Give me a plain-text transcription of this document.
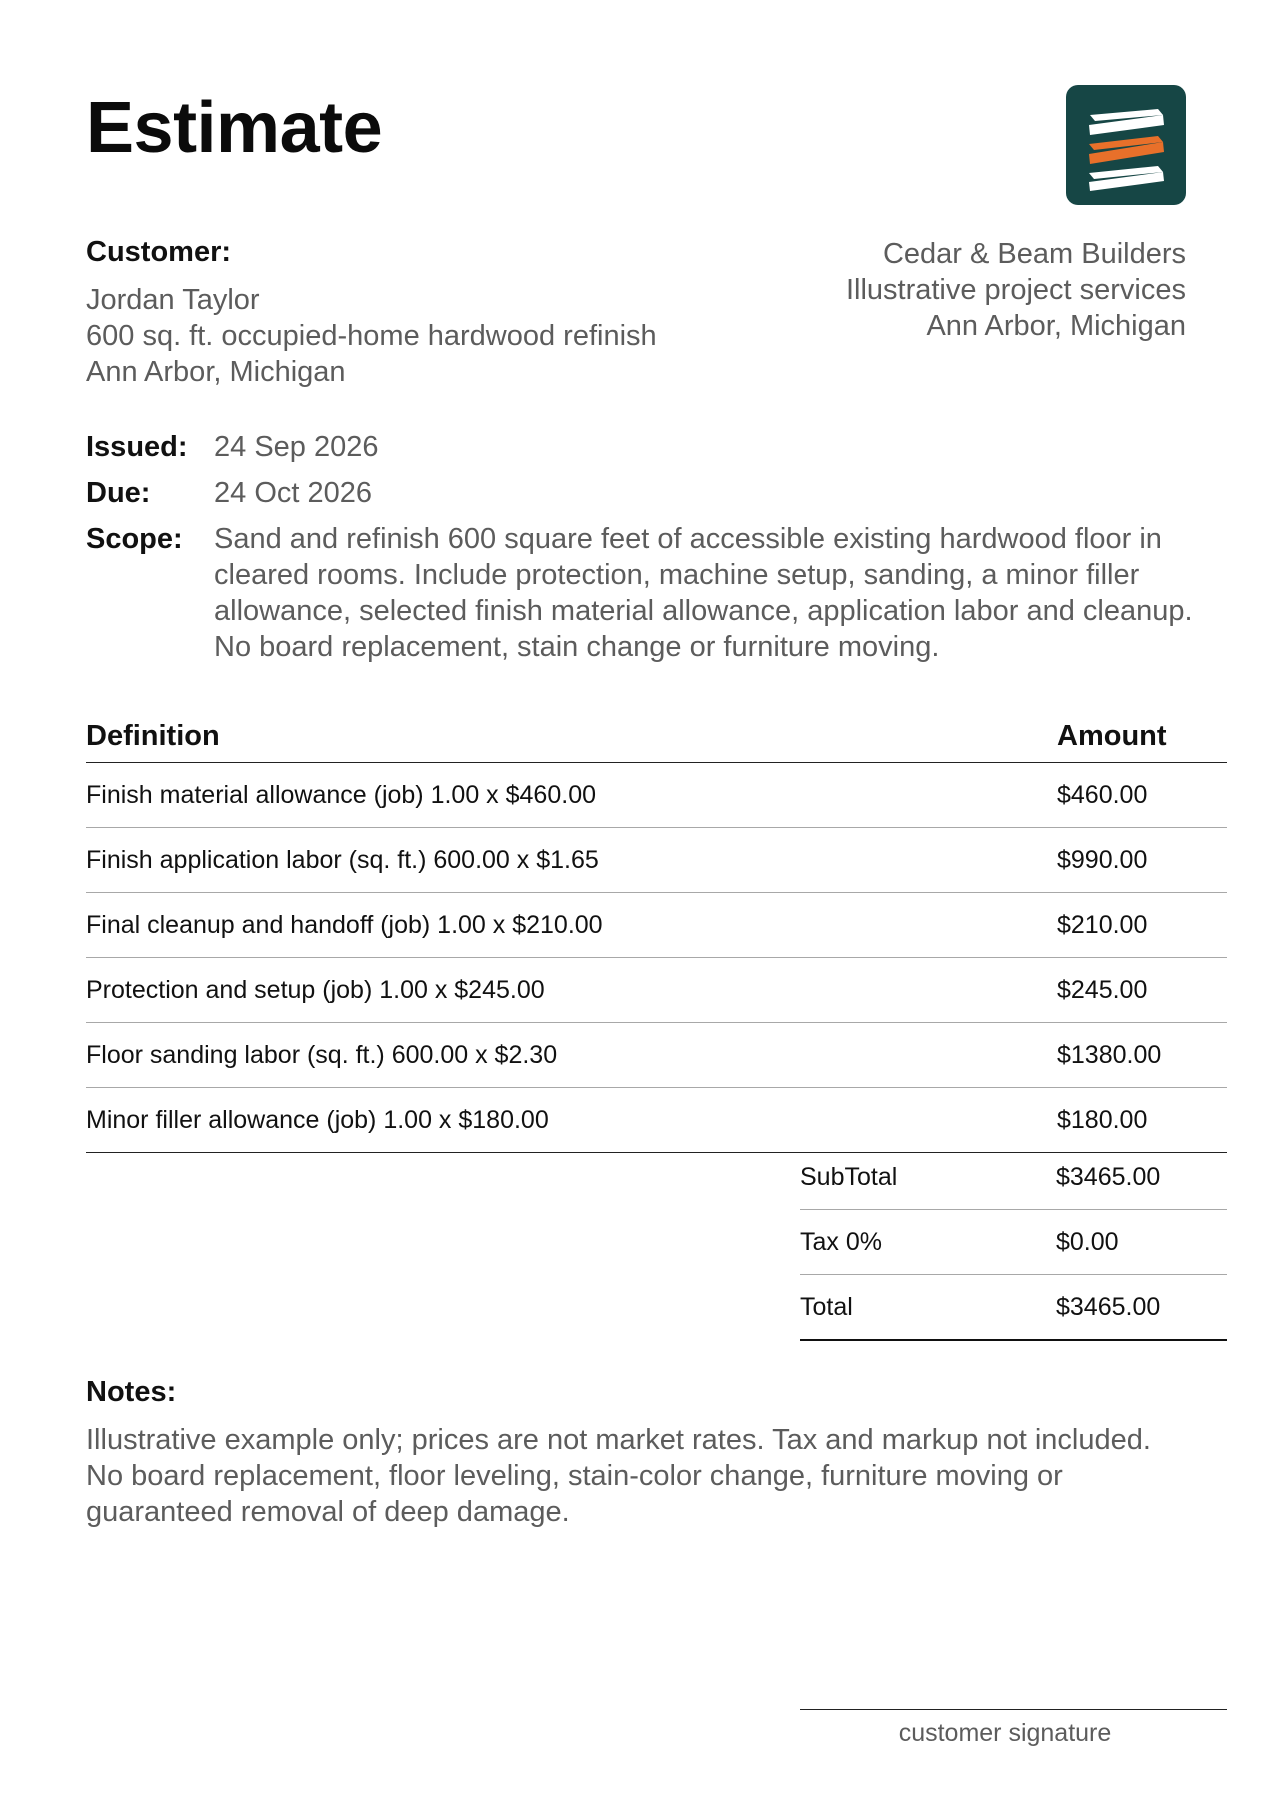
Estimate
Customer:
Jordan Taylor
600 sq. ft. occupied-home hardwood refinish
Ann Arbor, Michigan
Cedar & Beam Builders
Illustrative project services
Ann Arbor, Michigan
Issued: 24 Sep 2026
Due:	24 Oct 2026
Scope:	Sand and refinish 600 square feet of accessible existing hardwood floor in cleared rooms. Include protection, machine setup, sanding, a minor filler allowance, selected finish material allowance, application labor and cleanup. No board replacement, stain change or furniture moving.
Definition	Amount
Finish material allowance (job) 1.00 x $460.00	$460.00
Finish application labor (sq. ft.) 600.00 x $1.65	$990.00
Final cleanup and handoff (job) 1.00 x $210.00	$210.00
Protection and setup (job) 1.00 x $245.00	$245.00
Floor sanding labor (sq. ft.) 600.00 x $2.30	$1380.00
Minor filler allowance (job) 1.00 x $180.00	$180.00
SubTotal	$3465.00
Tax 0%	$0.00
Total	$3465.00
Notes:
Illustrative example only; prices are not market rates. Tax and markup not included. No board replacement, floor leveling, stain-color change, furniture moving or guaranteed removal of deep damage.
customer signature
